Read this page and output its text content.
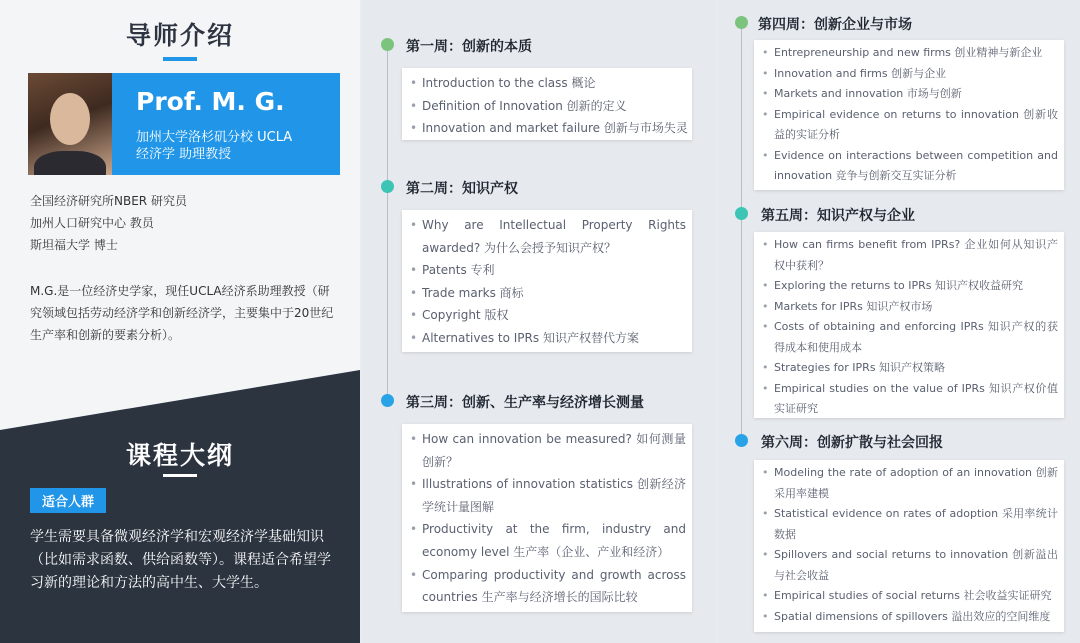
导师介绍
Prof. M. G.
加州大学洛杉矶分校 UCLA
经济学 助理教授
全国经济研究所NBER 研究员
加州人口研究中心 教员
斯坦福大学 博士
M.G.是一位经济史学家，现任UCLA经济系助理教授（研究领域包括劳动经济学和创新经济学，主要集中于20世纪生产率和创新的要素分析）。
课程大纲
适合人群
学生需要具备微观经济学和宏观经济学基础知识（比如需求函数、供给函数等）。课程适合希望学习新的理论和方法的高中生、大学生。
第一周：创新的本质
• Introduction to the class 概论
• Definition of Innovation 创新的定义
• Innovation and market failure 创新与市场失灵
第二周：知识产权
• Why are Intellectual Property Rights awarded? 为什么会授予知识产权？
• Patents 专利
• Trade marks 商标
• Copyright 版权
• Alternatives to IPRs 知识产权替代方案
第三周：创新、生产率与经济增长测量
• How can innovation be measured? 如何测量创新？
• Illustrations of innovation statistics 创新经济学统计量图解
• Productivity at the firm, industry and economy level 生产率（企业、产业和经济）
• Comparing productivity and growth across countries 生产率与经济增长的国际比较
第四周：创新企业与市场
• Entrepreneurship and new firms 创业精神与新企业
• Innovation and firms 创新与企业
• Markets and innovation 市场与创新
• Empirical evidence on returns to innovation 创新收益的实证分析
• Evidence on interactions between competition and innovation 竞争与创新交互实证分析
第五周：知识产权与企业
• How can firms benefit from IPRs? 企业如何从知识产权中获利？
• Exploring the returns to IPRs 知识产权收益研究
• Markets for IPRs 知识产权市场
• Costs of obtaining and enforcing IPRs 知识产权的获得成本和使用成本
• Strategies for IPRs 知识产权策略
• Empirical studies on the value of IPRs 知识产权价值实证研究
第六周：创新扩散与社会回报
• Modeling the rate of adoption of an innovation 创新采用率建模
• Statistical evidence on rates of adoption 采用率统计数据
• Spillovers and social returns to innovation 创新溢出与社会收益
• Empirical studies of social returns 社会收益实证研究
• Spatial dimensions of spillovers 溢出效应的空间维度
